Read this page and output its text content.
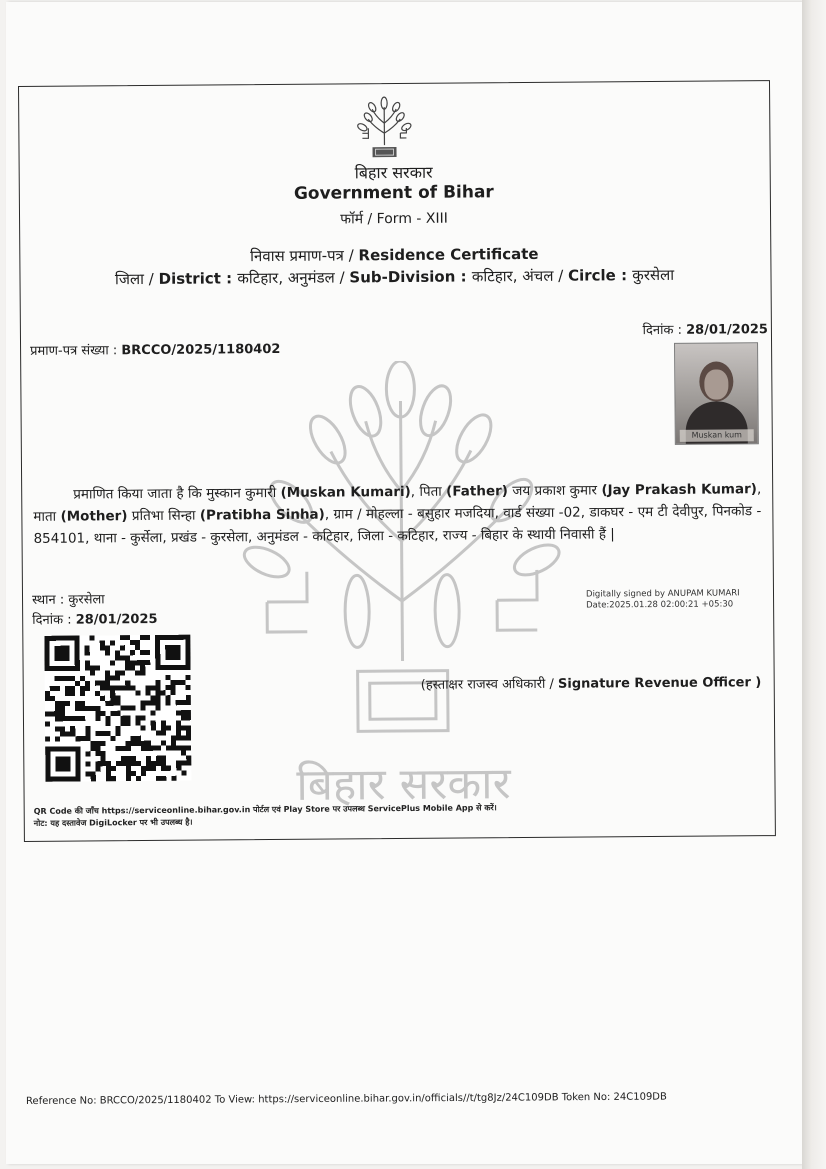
बिहार सरकार
Government of Bihar
फॉर्म / Form - XIII
निवास प्रमाण-पत्र / Residence Certificate
जिला / District : कटिहार, अनुमंडल / Sub-Division : कटिहार, अंचल / Circle : कुरसेला
प्रमाण-पत्र संख्या : BRCCO/2025/1180402
दिनांक : 28/01/2025
Muskan kum
बिहार सरकार
प्रमाणित किया जाता है कि मुस्कान कुमारी (Muskan Kumari), पिता (Father) जय प्रकाश कुमार (Jay Prakash Kumar), माता (Mother) प्रतिभा सिन्हा (Pratibha Sinha), ग्राम / मोहल्ला - बसुहार मजदिया, वार्ड संख्या -02, डाकघर - एम टी देवीपुर, पिनकोड - 854101, थाना - कुर्सेला, प्रखंड - कुरसेला, अनुमंडल - कटिहार, जिला - कटिहार, राज्य - बिहार के स्थायी निवासी हैं |
स्थान : कुरसेला
दिनांक : 28/01/2025
Digitally signed by ANUPAM KUMARI
Date:2025.01.28 02:00:21 +05:30
(हस्ताक्षर राजस्व अधिकारी / Signature Revenue Officer )
QR Code की जाँच https://serviceonline.bihar.gov.in पोर्टल एवं Play Store पर उपलब्ध ServicePlus Mobile App से करें।
नोट: यह दस्तावेज DigiLocker पर भी उपलब्ध है।
Reference No: BRCCO/2025/1180402 To View: https://serviceonline.bihar.gov.in/officials//t/tg8Jz/24C109DB Token No: 24C109DB
